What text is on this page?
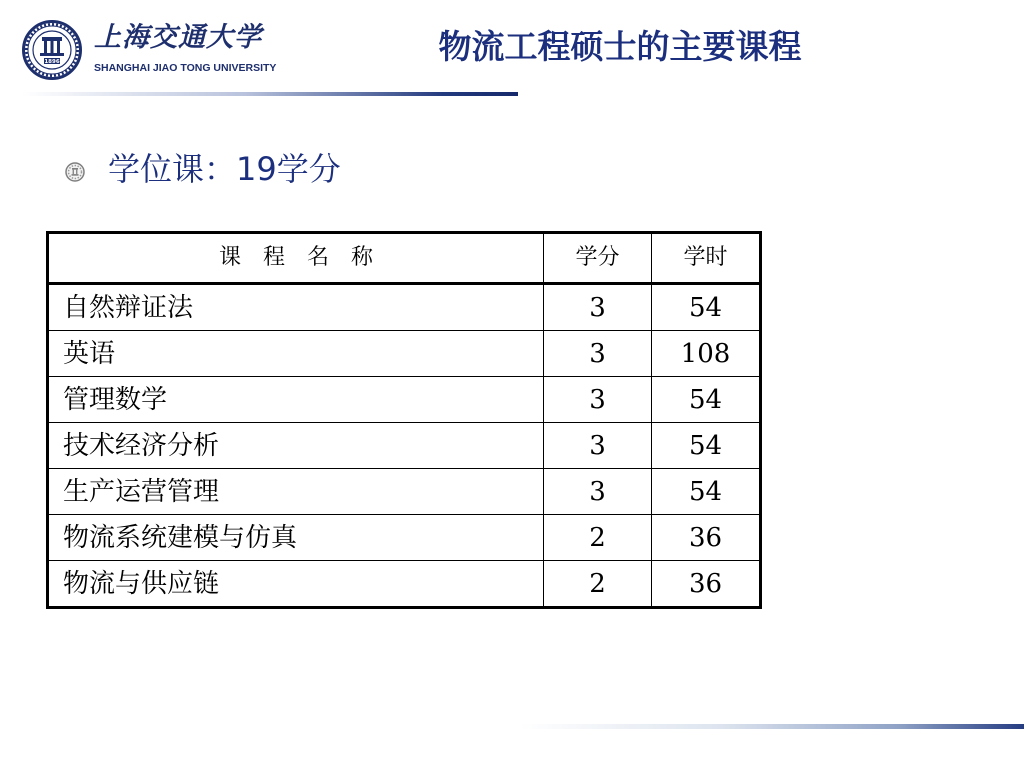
1896
上海交通大学
SHANGHAI JIAO TONG UNIVERSITY
物流工程硕士的主要课程
学位课：19学分
课　程　名　称	学分	学时
自然辩证法	3	54
英语	3	108
管理数学	3	54
技术经济分析	3	54
生产运营管理	3	54
物流系统建模与仿真	2	36
物流与供应链	2	36
